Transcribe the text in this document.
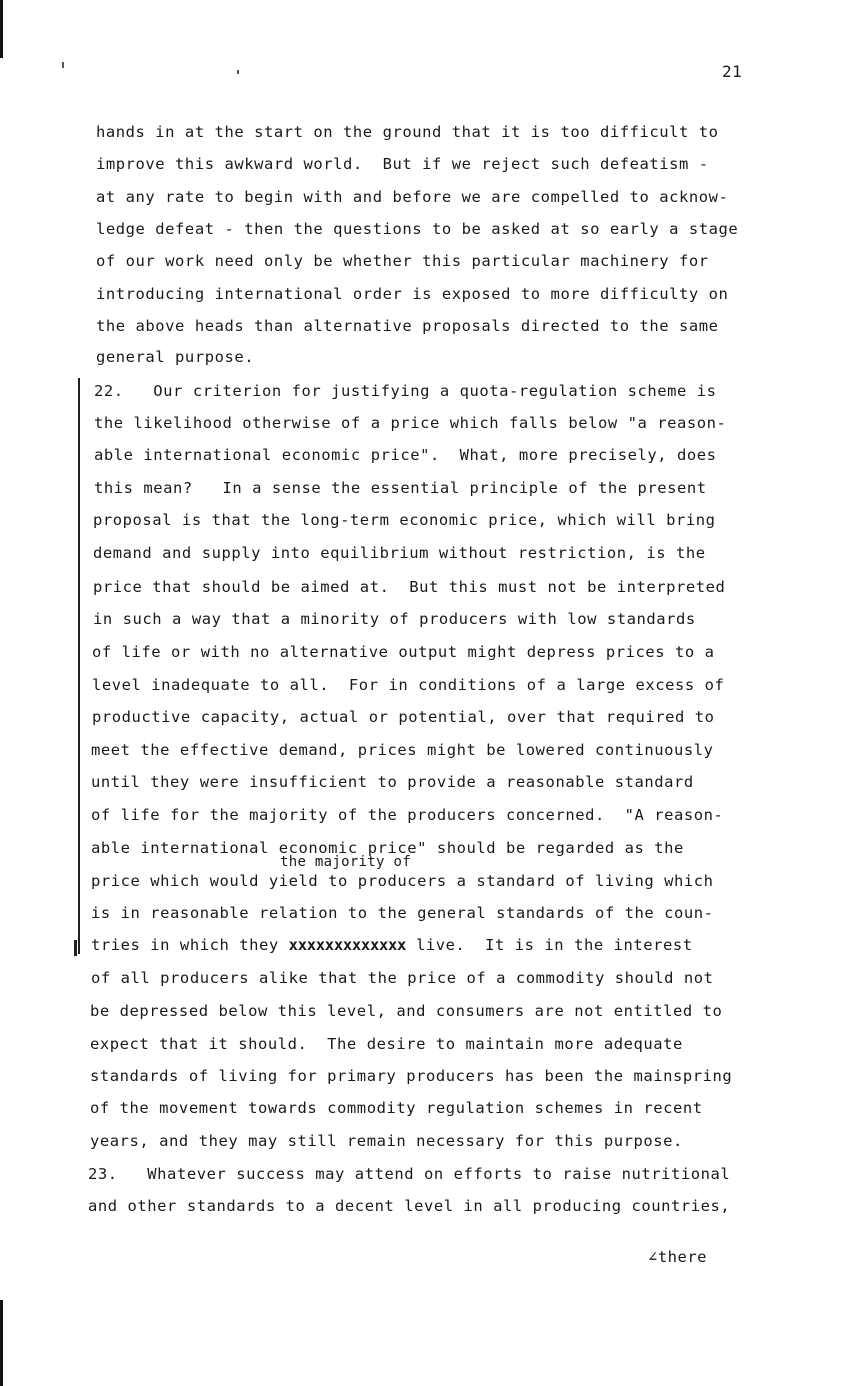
21
hands in at the start on the ground that it is too difficult to
improve this awkward world.  But if we reject such defeatism -
at any rate to begin with and before we are compelled to acknow-
ledge defeat - then the questions to be asked at so early a stage
of our work need only be whether this particular machinery for
introducing international order is exposed to more difficulty on
the above heads than alternative proposals directed to the same
general purpose.
22.   Our criterion for justifying a quota-regulation scheme is
the likelihood otherwise of a price which falls below "a reason-
able international economic price".  What, more precisely, does
this mean?   In a sense the essential principle of the present
proposal is that the long-term economic price, which will bring
demand and supply into equilibrium without restriction, is the
price that should be aimed at.  But this must not be interpreted
in such a way that a minority of producers with low standards
of life or with no alternative output might depress prices to a
level inadequate to all.  For in conditions of a large excess of
productive capacity, actual or potential, over that required to
meet the effective demand, prices might be lowered continuously
until they were insufficient to provide a reasonable standard
of life for the majority of the producers concerned.  "A reason-
able international economic price" should be regarded as the
the majority of
price which would yield to producers a standard of living which
is in reasonable relation to the general standards of the coun-
tries in which they xxxxxxxxxxxxx live.  It is in the interest
of all producers alike that the price of a commodity should not
be depressed below this level, and consumers are not entitled to
expect that it should.  The desire to maintain more adequate
standards of living for primary producers has been the mainspring
of the movement towards commodity regulation schemes in recent
years, and they may still remain necessary for this purpose.
23.   Whatever success may attend on efforts to raise nutritional
and other standards to a decent level in all producing countries,
∠there
